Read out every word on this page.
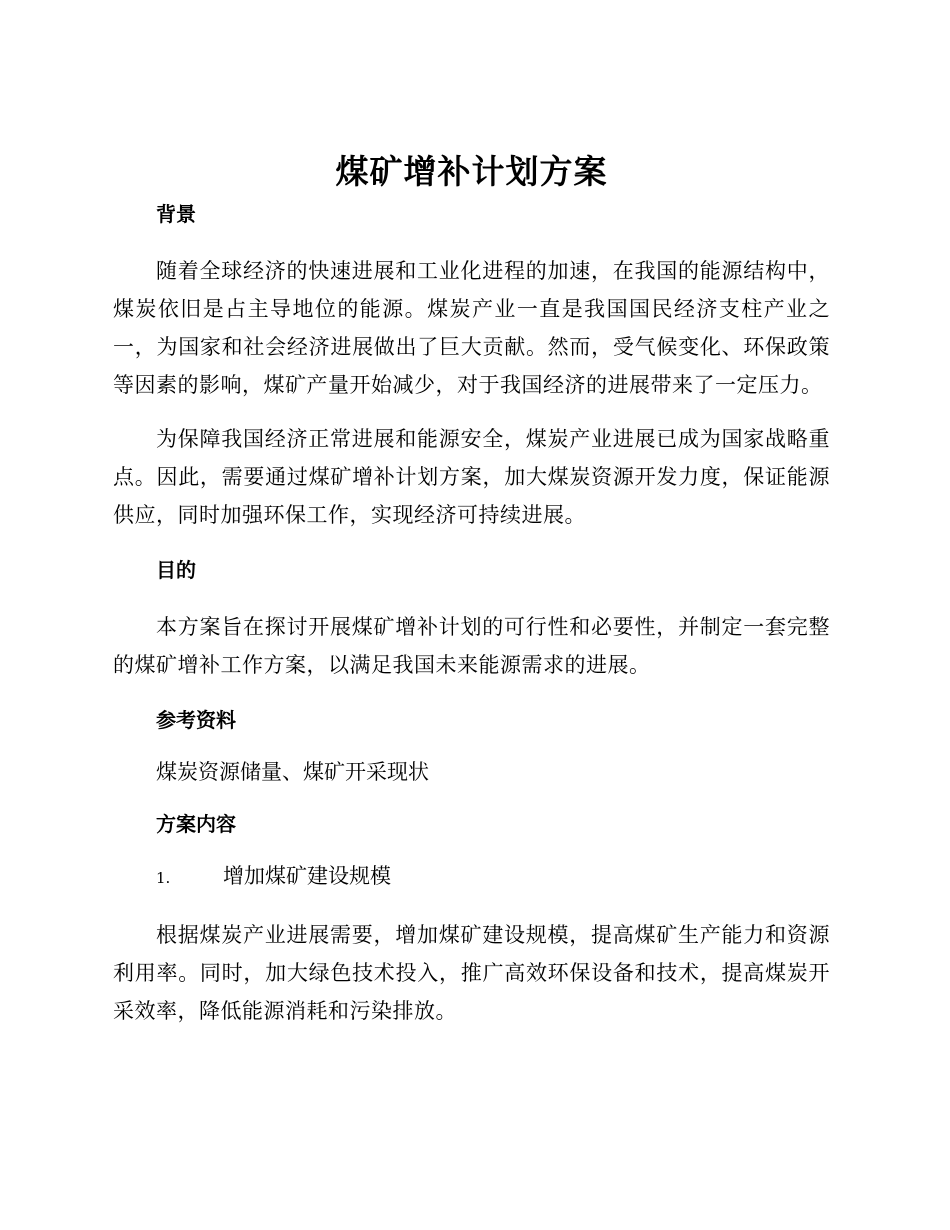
煤矿增补计划方案
背景

随着全球经济的快速进展和工业化进程的加速，在我国的能源结构中，煤炭依旧是占主导地位的能源。煤炭产业一直是我国国民经济支柱产业之一，为国家和社会经济进展做出了巨大贡献。然而，受气候变化、环保政策等因素的影响，煤矿产量开始减少，对于我国经济的进展带来了一定压力。

为保障我国经济正常进展和能源安全，煤炭产业进展已成为国家战略重点。因此，需要通过煤矿增补计划方案，加大煤炭资源开发力度，保证能源供应，同时加强环保工作，实现经济可持续进展。

目的

本方案旨在探讨开展煤矿增补计划的可行性和必要性，并制定一套完整的煤矿增补工作方案，以满足我国未来能源需求的进展。

参考资料
煤炭资源储量、煤矿开采现状
方案内容
1.	增加煤矿建设规模

根据煤炭产业进展需要，增加煤矿建设规模，提高煤矿生产能力和资源利用率。同时，加大绿色技术投入，推广高效环保设备和技术，提高煤炭开采效率，降低能源消耗和污染排放。
